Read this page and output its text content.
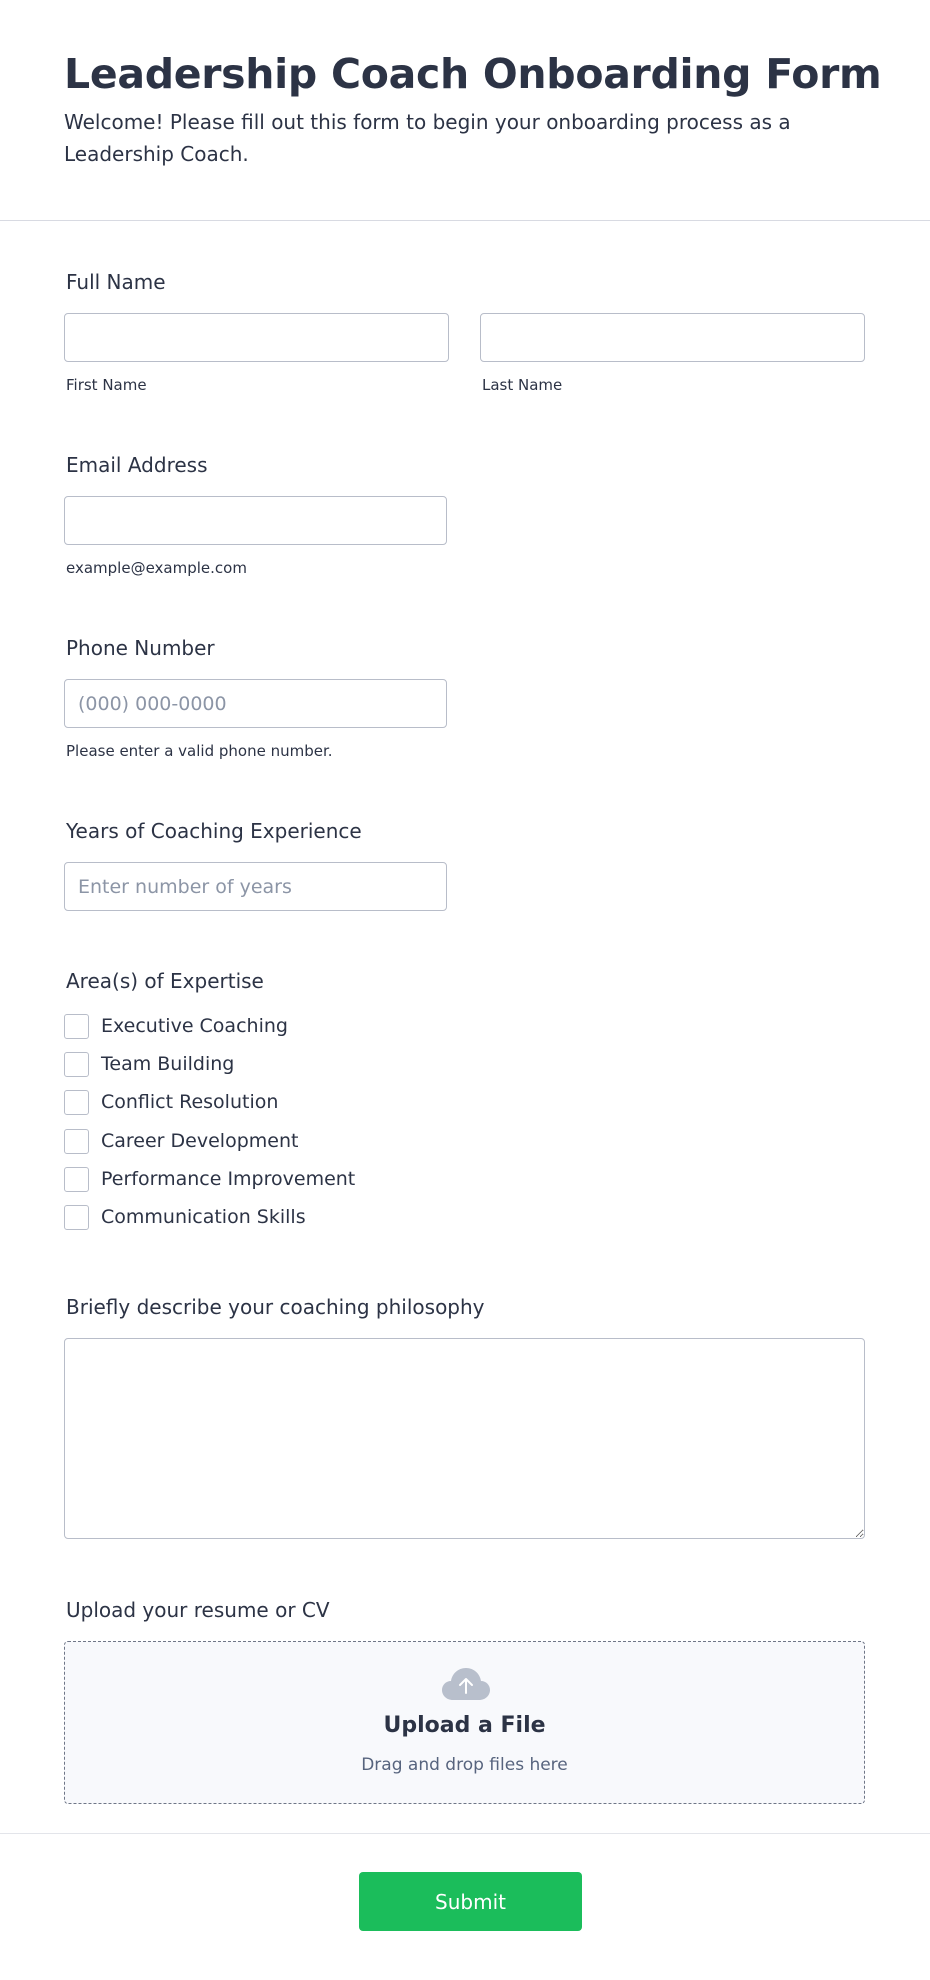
Leadership Coach Onboarding Form

Welcome! Please fill out this form to begin your onboarding process as a Leadership Coach.

Full Name
First Name	Last Name
Email Address
example@example.com
Phone Number
(000) 000-0000
Please enter a valid phone number.
Years of Coaching Experience
Enter number of years
Area(s) of Expertise
Executive Coaching
Team Building
Conflict Resolution
Career Development
Performance Improvement
Communication Skills
Briefly describe your coaching philosophy
Upload your resume or CV
Upload a File
Drag and drop files here
Submit
